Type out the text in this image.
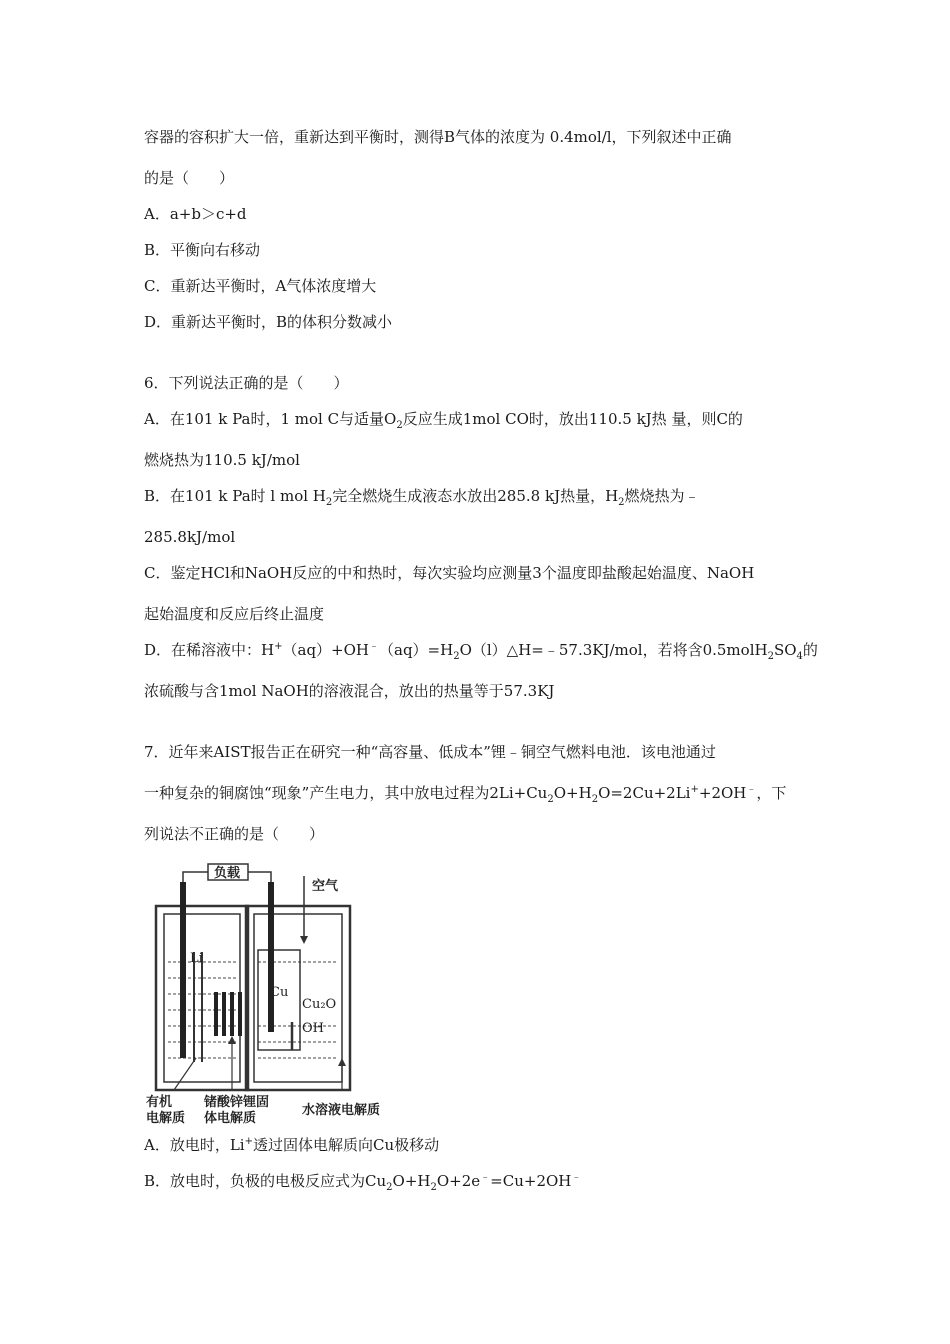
容器的容积扩大一倍，重新达到平衡时，测得B气体的浓度为 0.4mol/l，下列叙述中正确
的是（　　）
A．a+b＞c+d
B．平衡向右移动
C．重新达平衡时，A气体浓度增大
D．重新达平衡时，B的体积分数减小
6．下列说法正确的是（　　）
A．在101 k Pa时，1 mol C与适量$O_2$反应生成1mol CO时，放出110.5 kJ热 量，则C的
燃烧热为110.5 kJ/mol
B．在101 k Pa时 l mol $H_2$完全燃烧生成液态水放出285.8 kJ热量，$H_2$燃烧热为﹣
285.8kJ/mol
C．鉴定HCl和NaOH反应的中和热时，每次实验均应测量3个温度即盐酸起始温度、NaOH
起始温度和反应后终止温度
D．在稀溶液中：$H^+(aq)+OH^﹣(aq)=H_2O(l)\triangle H=﹣57.3KJ$/mol，若将含$0.5molH_2SO_4$的
浓硫酸与含1mol NaOH的溶液混合，放出的热量等于57.3KJ
7．近年来AIST报告正在研究一种“高容量、低成本”锂﹣铜空气燃料电池．该电池通过
一种复杂的铜腐蚀“现象”产生电力，其中放电过程为$2Li+Cu_2O+H_2O=2Cu+2Li^++2OH^﹣$，下
列说法不正确的是（　　）
负载
空气
Li
Cu
Cu₂O
OH
有机
电解质
锗酸锌锂固
体电解质
水溶液电解质
A．放电时，Li+透过固体电解质向Cu极移动
B．放电时，负极的电极反应式为$Cu_2O+H_2O+2e^﹣=Cu+2OH^﹣$
